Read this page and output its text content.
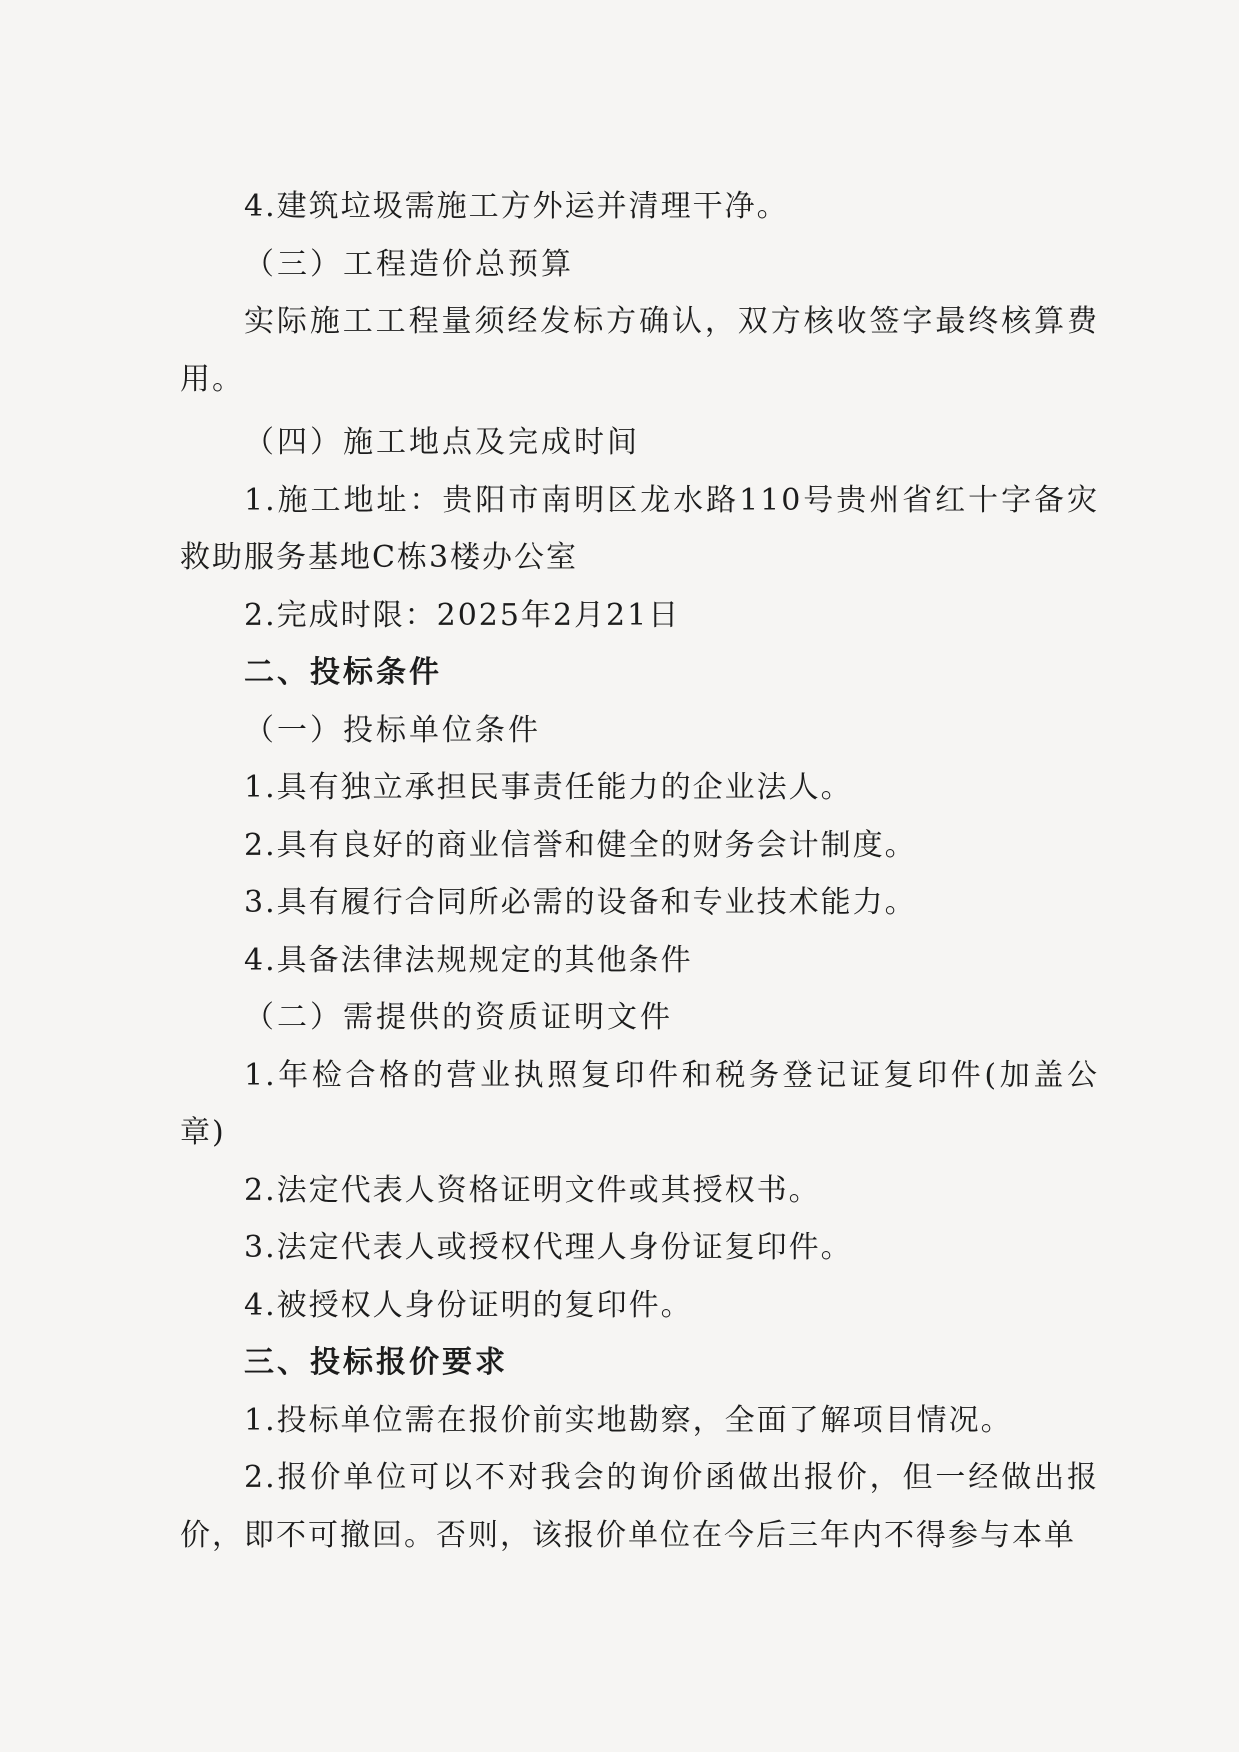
4.建筑垃圾需施工方外运并清理干净。

（三）工程造价总预算

实际施工工程量须经发标方确认，双方核收签字最终核算费用。

（四）施工地点及完成时间

1.施工地址：贵阳市南明区龙水路110号贵州省红十字备灾救助服务基地C栋3楼办公室

2.完成时限：2025年2月21日

二、投标条件

（一）投标单位条件

1.具有独立承担民事责任能力的企业法人。

2.具有良好的商业信誉和健全的财务会计制度。

3.具有履行合同所必需的设备和专业技术能力。

4.具备法律法规规定的其他条件

（二）需提供的资质证明文件

1.年检合格的营业执照复印件和税务登记证复印件(加盖公章)

2.法定代表人资格证明文件或其授权书。

3.法定代表人或授权代理人身份证复印件。

4.被授权人身份证明的复印件。

三、投标报价要求

1.投标单位需在报价前实地勘察，全面了解项目情况。

2.报价单位可以不对我会的询价函做出报价，但一经做出报价，即不可撤回。否则，该报价单位在今后三年内不得参与本单
